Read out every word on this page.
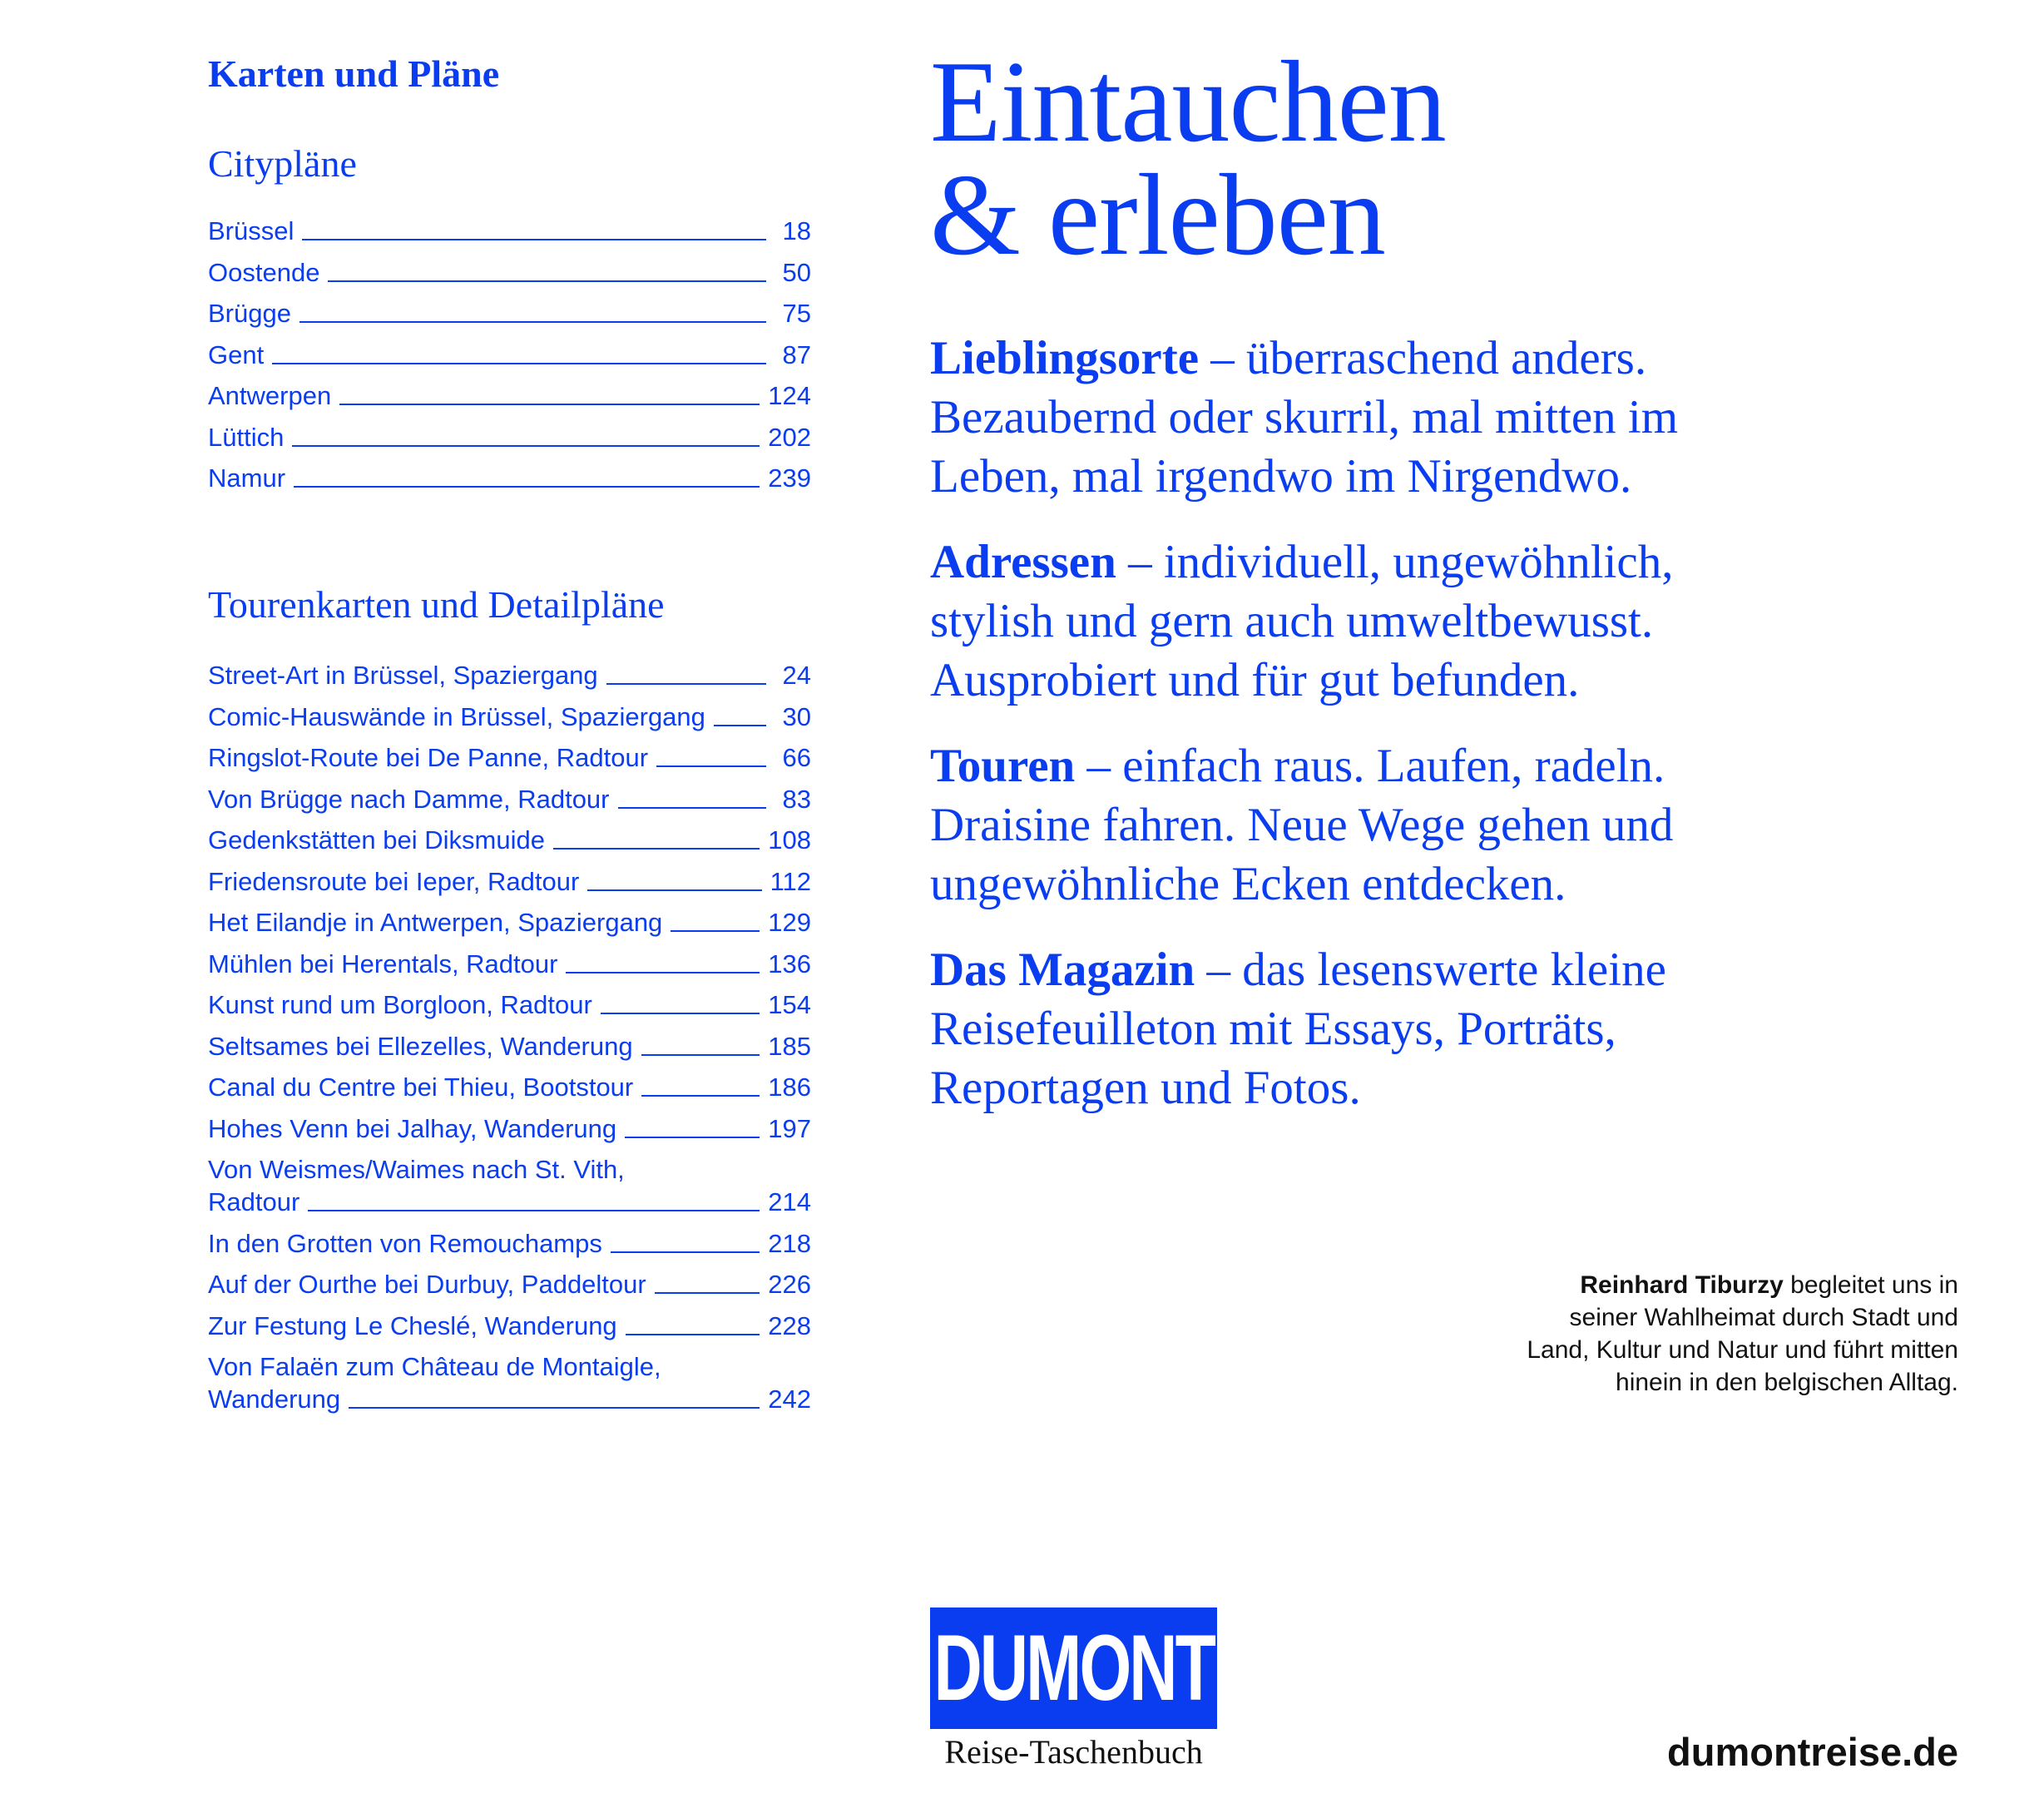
Karten und Pläne
Citypläne
Brüssel	18
Oostende	50
Brügge	75
Gent	87
Antwerpen	124
Lüttich	202
Namur	239
Tourenkarten und Detailpläne
Street-Art in Brüssel, Spaziergang	24
Comic-Hauswände in Brüssel, Spaziergang	30
Ringslot-Route bei De Panne, Radtour	66
Von Brügge nach Damme, Radtour	83
Gedenkstätten bei Diksmuide	108
Friedensroute bei Ieper, Radtour	112
Het Eilandje in Antwerpen, Spaziergang	129
Mühlen bei Herentals, Radtour	136
Kunst rund um Borgloon, Radtour	154
Seltsames bei Ellezelles, Wanderung	185
Canal du Centre bei Thieu, Bootstour	186
Hohes Venn bei Jalhay, Wanderung	197
Von Weismes/Waimes nach St. Vith,
Radtour	214
In den Grotten von Remouchamps	218
Auf der Ourthe bei Durbuy, Paddeltour	226
Zur Festung Le Cheslé, Wanderung	228
Von Falaën zum Château de Montaigle,
Wanderung	242
Eintauchen
& erleben

Lieblingsorte – überraschend anders. Bezaubernd oder skurril, mal mitten im Leben, mal irgendwo im Nirgendwo.

Adressen – individuell, ungewöhnlich, stylish und gern auch umweltbewusst. Ausprobiert und für gut befunden.

Touren – einfach raus. Laufen, radeln. Draisine fahren. Neue Wege gehen und ungewöhnliche Ecken entdecken.

Das Magazin – das lesenswerte kleine Reisefeuilleton mit Essays, Porträts, Reportagen und Fotos.

Reinhard Tiburzy begleitet uns in seiner Wahlheimat durch Stadt und Land, Kultur und Natur und führt mitten hinein in den belgischen Alltag.
DUMONT
Reise-Taschenbuch	dumontreise.de
